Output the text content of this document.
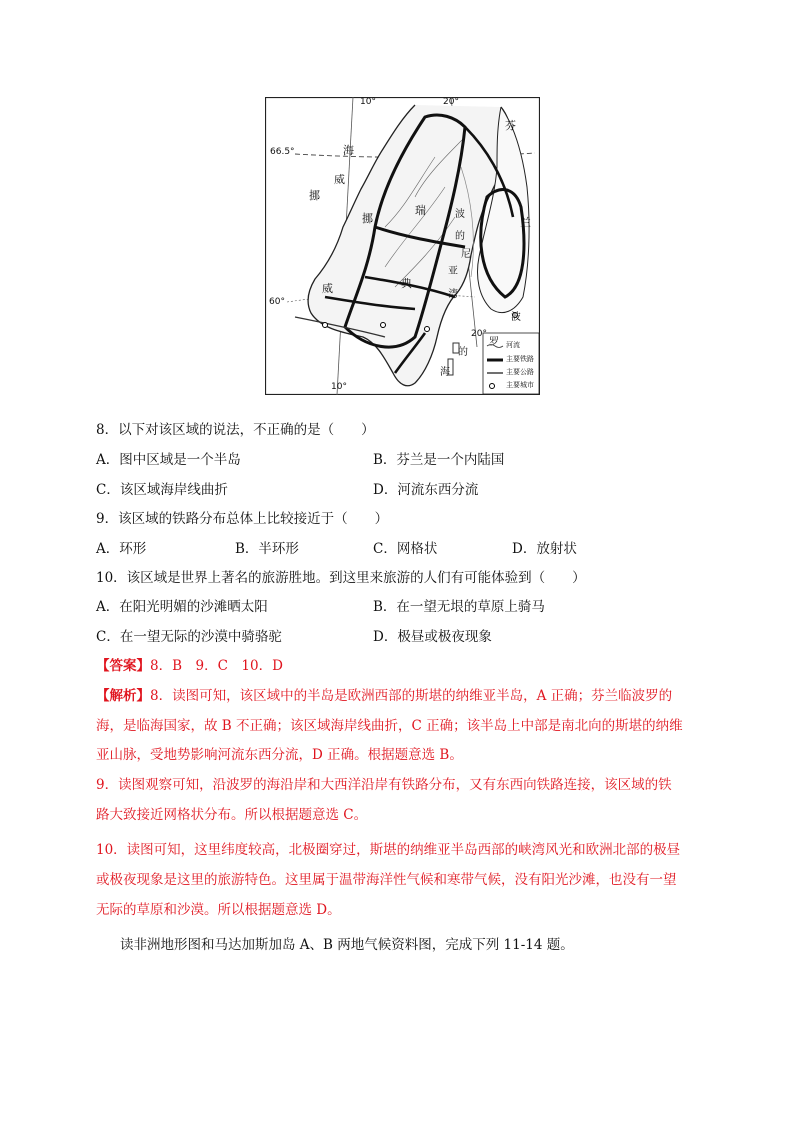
10°	20°
66.5°
60°
20°
10°
海
威
挪
挪
瑞
威	典
亚
湾
波
的
尼
芬
兰
波
罗
的
海
河流
主要铁路
主要公路
主要城市
8．以下对该区域的说法，不正确的是（　　）
A．图中区域是一个半岛	B．芬兰是一个内陆国
C．该区域海岸线曲折	D．河流东西分流
9．该区域的铁路分布总体上比较接近于（　　）
A．环形	B．半环形	C．网格状	D．放射状
10．该区域是世界上著名的旅游胜地。到这里来旅游的人们有可能体验到（　　）
A．在阳光明媚的沙滩晒太阳	B．在一望无垠的草原上骑马
C．在一望无际的沙漠中骑骆驼	D．极昼或极夜现象
【答案】8．B　9．C　10．D
【解析】8．读图可知，该区域中的半岛是欧洲西部的斯堪的纳维亚半岛，A 正确；芬兰临波罗的
海，是临海国家，故 B 不正确；该区域海岸线曲折，C 正确；该半岛上中部是南北向的斯堪的纳维
亚山脉，受地势影响河流东西分流，D 正确。根据题意选 B。
9．读图观察可知，沿波罗的海沿岸和大西洋沿岸有铁路分布，又有东西向铁路连接，该区域的铁
路大致接近网格状分布。所以根据题意选 C。
10．读图可知，这里纬度较高，北极圈穿过，斯堪的纳维亚半岛西部的峡湾风光和欧洲北部的极昼
或极夜现象是这里的旅游特色。这里属于温带海洋性气候和寒带气候，没有阳光沙滩，也没有一望
无际的草原和沙漠。所以根据题意选 D。
读非洲地形图和马达加斯加岛 A、B 两地气候资料图，完成下列 11-14 题。
